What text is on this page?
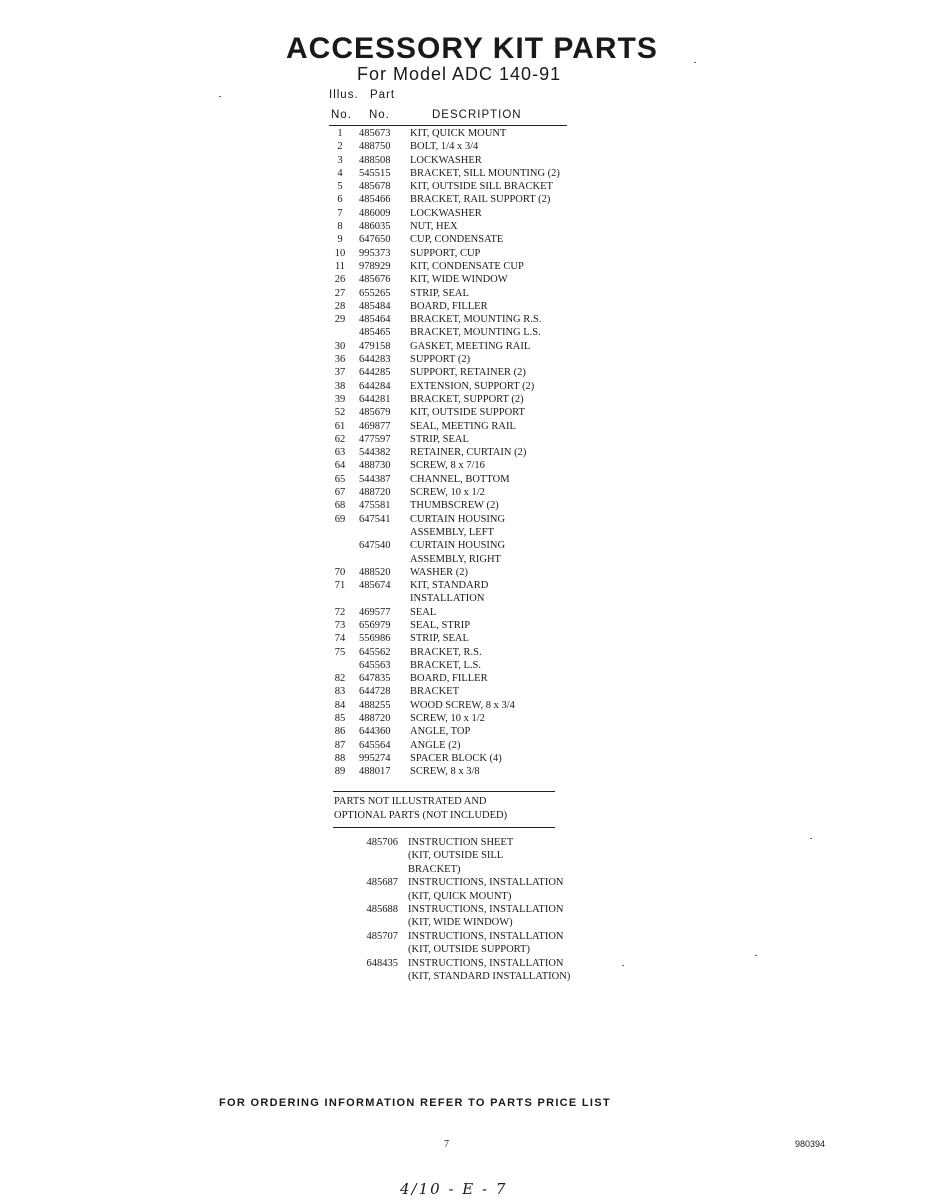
ACCESSORY KIT PARTS
For Model ADC 140-91
Illus. Part
No. No.	DESCRIPTION
1	485673 KIT, QUICK MOUNT
2	488750 BOLT, 1/4 x 3/4
3	488508 LOCKWASHER
4	545515 BRACKET, SILL MOUNTING (2)
5	485678 KIT, OUTSIDE SILL BRACKET
6	485466 BRACKET, RAIL SUPPORT (2)
7	486009 LOCKWASHER
8	486035 NUT, HEX
9	647650 CUP, CONDENSATE
10	995373 SUPPORT, CUP
11	978929 KIT, CONDENSATE CUP
26	485676 KIT, WIDE WINDOW
27	655265 STRIP, SEAL
28	485484 BOARD, FILLER
29	485464 BRACKET, MOUNTING R.S.
485465 BRACKET, MOUNTING L.S.
30	479158 GASKET, MEETING RAIL
36	644283 SUPPORT (2)
37	644285 SUPPORT, RETAINER (2)
38	644284 EXTENSION, SUPPORT (2)
39	644281 BRACKET, SUPPORT (2)
52	485679 KIT, OUTSIDE SUPPORT
61	469877 SEAL, MEETING RAIL
62	477597 STRIP, SEAL
63	544382 RETAINER, CURTAIN (2)
64	488730 SCREW, 8 x 7/16
65	544387 CHANNEL, BOTTOM
67	488720 SCREW, 10 x 1/2
68	475581 THUMBSCREW (2)
69	647541 CURTAIN HOUSING
ASSEMBLY, LEFT
647540 CURTAIN HOUSING
ASSEMBLY, RIGHT
70	488520 WASHER (2)
71	485674 KIT, STANDARD
INSTALLATION
72	469577 SEAL
73	656979 SEAL, STRIP
74	556986 STRIP, SEAL
75	645562 BRACKET, R.S.
645563 BRACKET, L.S.
82	647835 BOARD, FILLER
83	644728 BRACKET
84	488255 WOOD SCREW, 8 x 3/4
85	488720 SCREW, 10 x 1/2
86	644360 ANGLE, TOP
87	645564 ANGLE (2)
88	995274 SPACER BLOCK (4)
89	488017 SCREW, 8 x 3/8
PARTS NOT ILLUSTRATED AND
OPTIONAL PARTS (NOT INCLUDED)
485706 INSTRUCTION SHEET
(KIT, OUTSIDE SILL
BRACKET)
485687 INSTRUCTIONS, INSTALLATION
(KIT, QUICK MOUNT)
485688 INSTRUCTIONS, INSTALLATION
(KIT, WIDE WINDOW)
485707 INSTRUCTIONS, INSTALLATION
(KIT, OUTSIDE SUPPORT)
648435 INSTRUCTIONS, INSTALLATION
(KIT, STANDARD INSTALLATION)
FOR ORDERING INFORMATION REFER TO PARTS PRICE LIST
7	980394
4/10 - E - 7
